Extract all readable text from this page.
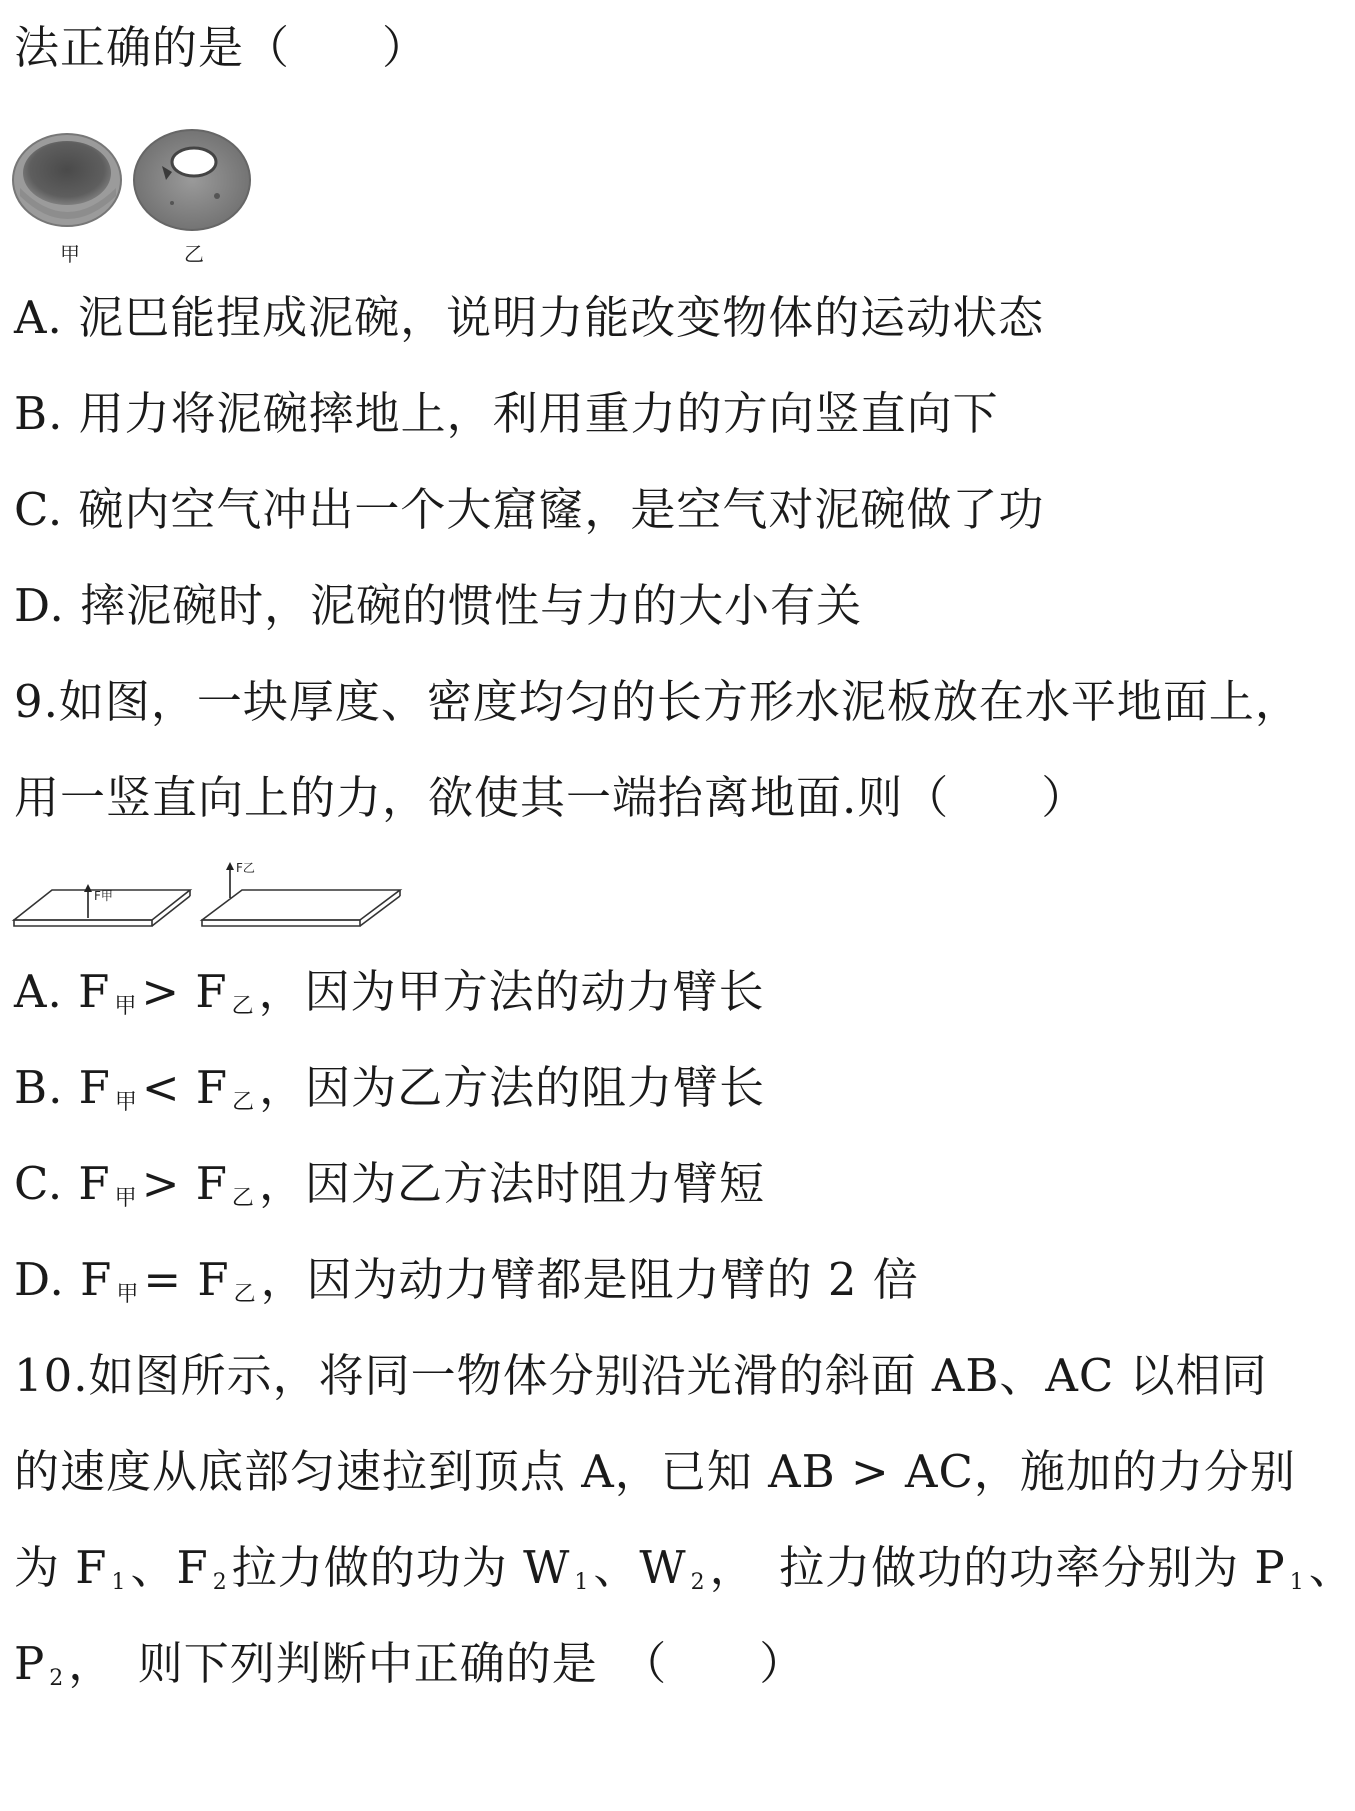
法正确的是（　　）
甲	乙
A. 泥巴能捏成泥碗，说明力能改变物体的运动状态
B. 用力将泥碗摔地上，利用重力的方向竖直向下
C. 碗内空气冲出一个大窟窿，是空气对泥碗做了功
D. 摔泥碗时，泥碗的惯性与力的大小有关
9.如图，一块厚度、密度均匀的长方形水泥板放在水平地面上，
用一竖直向上的力，欲使其一端抬离地面.则（　　）
F甲
F乙
A. F $_甲$> F $_乙$，因为甲方法的动力臂长
B. F $_甲$< F $_乙$，因为乙方法的阻力臂长
C. F $_甲$> F $_乙$，因为乙方法时阻力臂短
D. F $_甲$= F $_乙$，因为动力臂都是阻力臂的 2 倍
10.如图所示，将同一物体分别沿光滑的斜面 AB、AC 以相同
的速度从底部匀速拉到顶点 A，已知 AB > AC，施加的力分别
为 F $_1$、F $_2$拉力做的功为 W $_1$、W $_2$，　拉力做功的功率分别为 P $_1$、
P $_2$，　则下列判断中正确的是　（　　）
